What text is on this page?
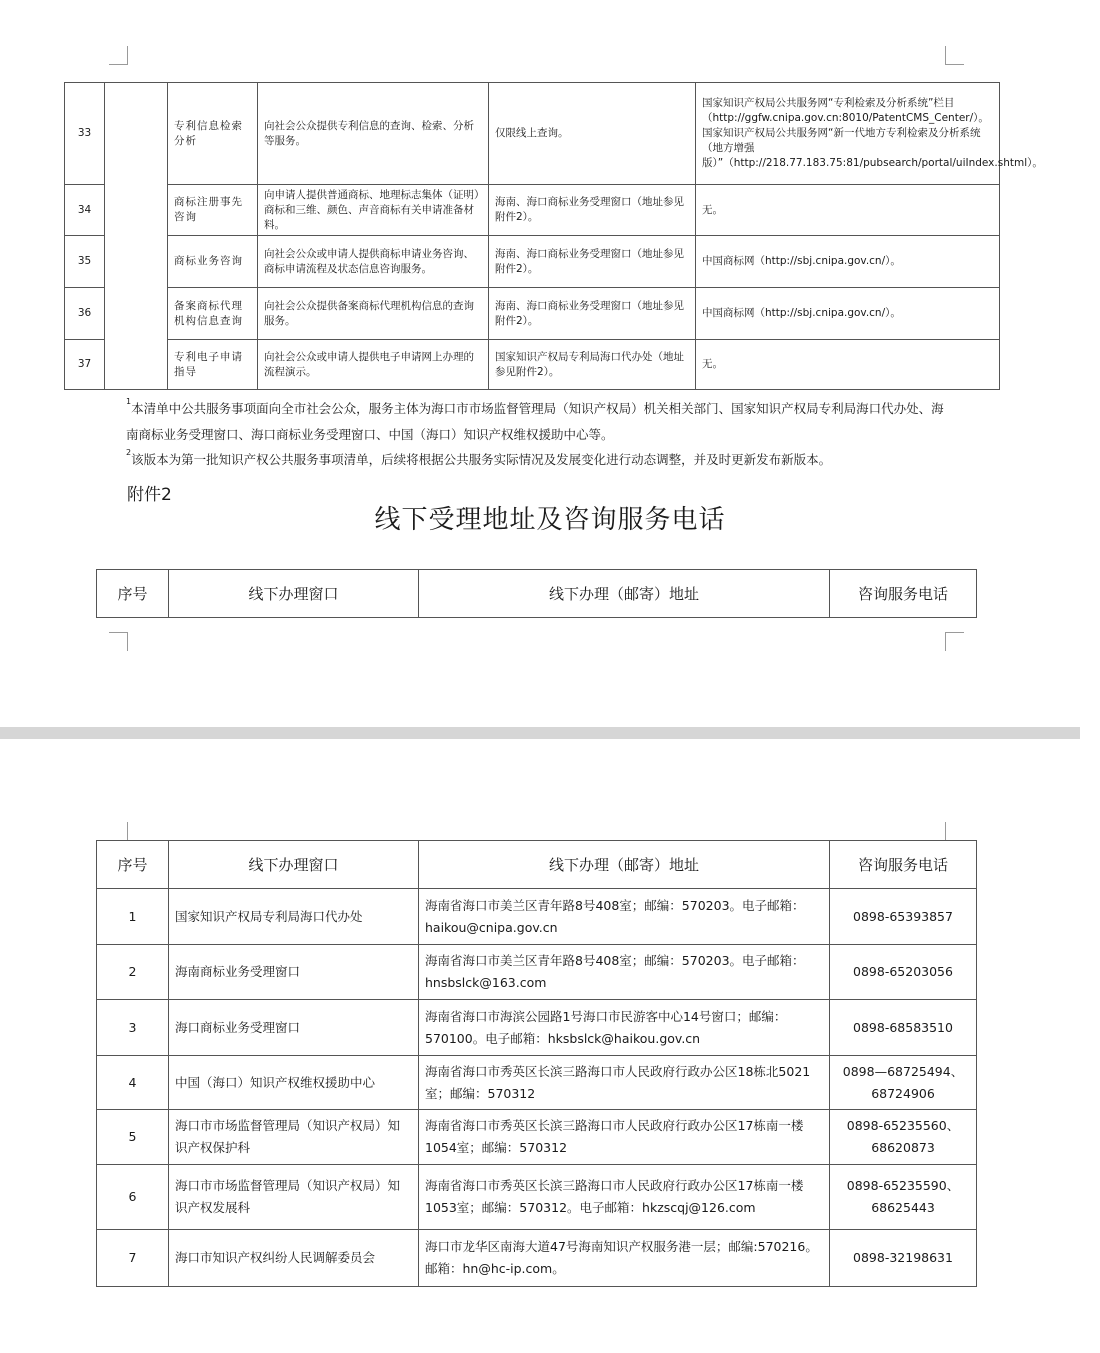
33		专利信息检索分析	向社会公众提供专利信息的查询、检索、分析等服务。	仅限线上查询。	国家知识产权局公共服务网“专利检索及分析系统”栏目（http://ggfw.cnipa.gov.cn:8010/PatentCMS_Center/）。
国家知识产权局公共服务网“新一代地方专利检索及分析系统（地方增强版）”（http://218.77.183.75:81/pubsearch/portal/uiIndex.shtml）。

34		商标注册事先咨询	向申请人提供普通商标、地理标志集体（证明）商标和三维、颜色、声音商标有关申请准备材料。	海南、海口商标业务受理窗口（地址参见附件2）。	无。
35		商标业务咨询	向社会公众或申请人提供商标申请业务咨询、商标申请流程及状态信息咨询服务。	海南、海口商标业务受理窗口（地址参见附件2）。	中国商标网（http://sbj.cnipa.gov.cn/）。
36		备案商标代理机构信息查询	向社会公众提供备案商标代理机构信息的查询服务。	海南、海口商标业务受理窗口（地址参见附件2）。	中国商标网（http://sbj.cnipa.gov.cn/）。
37		专利电子申请指导	向社会公众或申请人提供电子申请网上办理的流程演示。	国家知识产权局专利局海口代办处（地址参见附件2）。	无。
$^1$本清单中公共服务事项面向全市社会公众，服务主体为海口市市场监督管理局（知识产权局）机关相关部门、国家知识产权局专利局海口代办处、海南商标业务受理窗口、海口商标业务受理窗口、中国（海口）知识产权维权援助中心等。
$^2$该版本为第一批知识产权公共服务事项清单，后续将根据公共服务实际情况及发展变化进行动态调整，并及时更新发布新版本。
附件2
线下受理地址及咨询服务电话
序号	线下办理窗口	线下办理（邮寄）地址	咨询服务电话
序号	线下办理窗口	线下办理（邮寄）地址	咨询服务电话
1	国家知识产权局专利局海口代办处	海南省海口市美兰区青年路8号408室；邮编：570203。电子邮箱：haikou@cnipa.gov.cn	0898-65393857
2	海南商标业务受理窗口	海南省海口市美兰区青年路8号408室；邮编：570203。电子邮箱：hnsbslck@163.com	0898-65203056
3	海口商标业务受理窗口	海南省海口市海滨公园路1号海口市民游客中心14号窗口；邮编：570100。电子邮箱：hksbslck@haikou.gov.cn	0898-68583510
4	中国（海口）知识产权维权援助中心	海南省海口市秀英区长滨三路海口市人民政府行政办公区18栋北5021室；邮编：570312	0898—68725494、68724906
5	海口市市场监督管理局（知识产权局）知识产权保护科	海南省海口市秀英区长滨三路海口市人民政府行政办公区17栋南一楼1054室；邮编：570312	0898-65235560、68620873
6	海口市市场监督管理局（知识产权局）知识产权发展科	海南省海口市秀英区长滨三路海口市人民政府行政办公区17栋南一楼1053室；邮编：570312。电子邮箱：hkzscqj@126.com	0898-65235590、68625443
7	海口市知识产权纠纷人民调解委员会	海口市龙华区南海大道47号海南知识产权服务港一层；邮编:570216。邮箱：hn@hc-ip.com。	0898-32198631
